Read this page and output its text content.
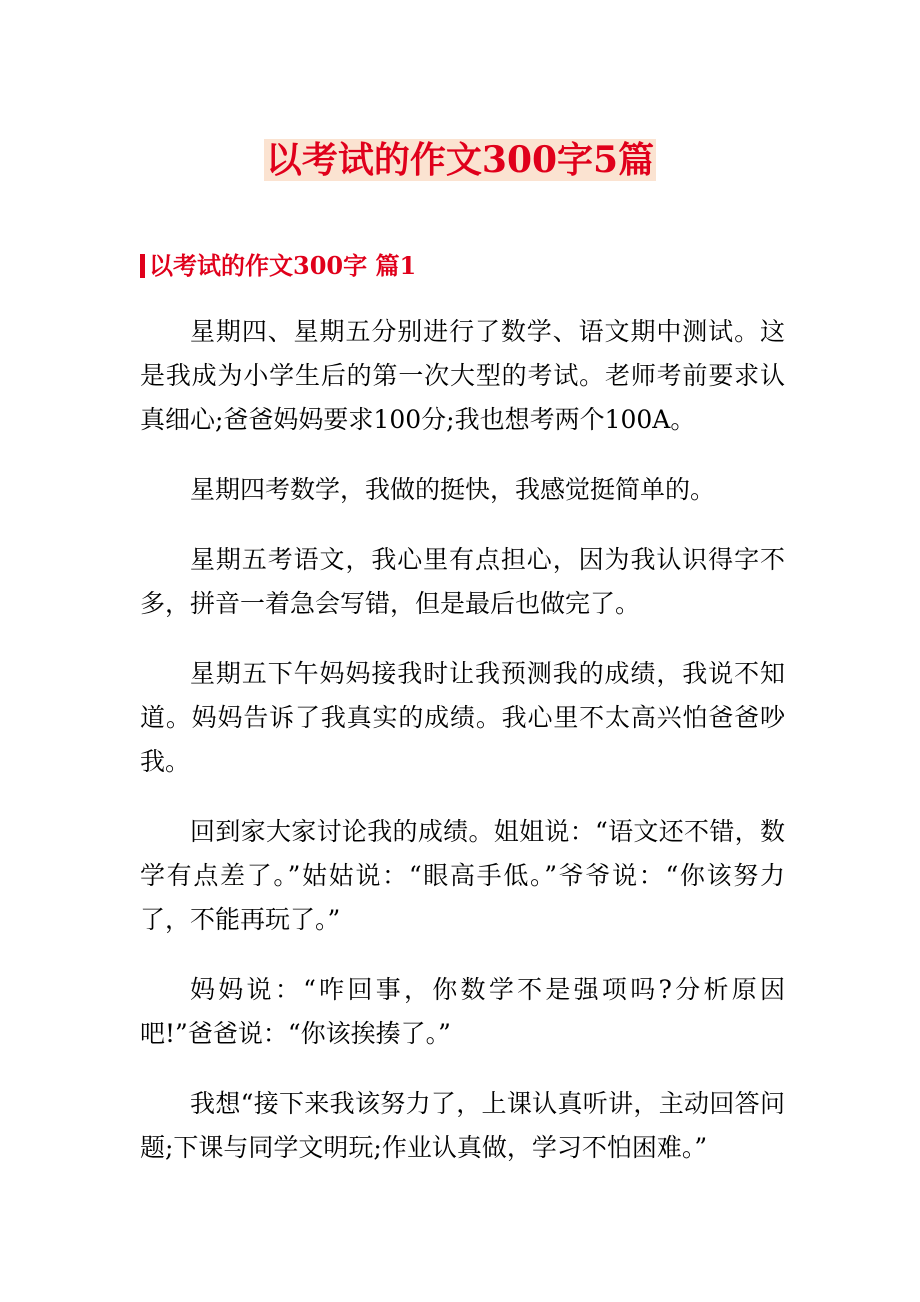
以考试的作文300字5篇
以考试的作文300字 篇1

星期四、星期五分别进行了数学、语文期中测试。这是我成为小学生后的第一次大型的考试。老师考前要求认真细心;爸爸妈妈要求100分;我也想考两个100A。

星期四考数学，我做的挺快，我感觉挺简单的。

星期五考语文，我心里有点担心，因为我认识得字不多，拼音一着急会写错，但是最后也做完了。

星期五下午妈妈接我时让我预测我的成绩，我说不知道。妈妈告诉了我真实的成绩。我心里不太高兴怕爸爸吵我。

回到家大家讨论我的成绩。姐姐说：“语文还不错，数学有点差了。”姑姑说：“眼高手低。”爷爷说：“你该努力了，不能再玩了。”

妈妈说：“咋回事，你数学不是强项吗?分析原因吧!”爸爸说：“你该挨揍了。”

我想“接下来我该努力了，上课认真听讲，主动回答问题;下课与同学文明玩;作业认真做，学习不怕困难。”
